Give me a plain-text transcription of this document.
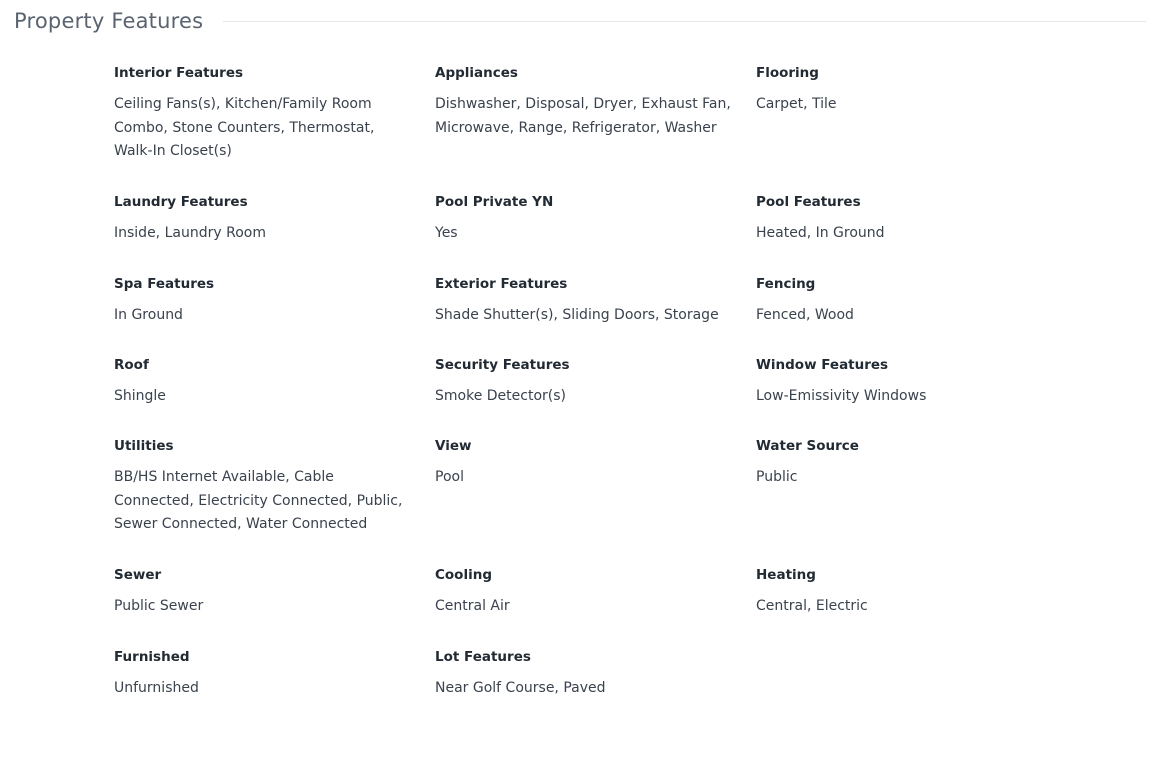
Property Features
Interior Features
Ceiling Fans(s), Kitchen/Family Room Combo, Stone Counters, Thermostat, Walk-In Closet(s)
Appliances
Dishwasher, Disposal, Dryer, Exhaust Fan, Microwave, Range, Refrigerator, Washer
Flooring
Carpet, Tile
Laundry Features
Inside, Laundry Room
Pool Private YN
Yes
Pool Features
Heated, In Ground
Spa Features
In Ground
Exterior Features
Shade Shutter(s), Sliding Doors, Storage
Fencing
Fenced, Wood
Roof
Shingle
Security Features
Smoke Detector(s)
Window Features
Low-Emissivity Windows
Utilities
BB/HS Internet Available, Cable Connected, Electricity Connected, Public, Sewer Connected, Water Connected
View
Pool
Water Source
Public
Sewer
Public Sewer
Cooling
Central Air
Heating
Central, Electric
Furnished
Unfurnished
Lot Features
Near Golf Course, Paved
